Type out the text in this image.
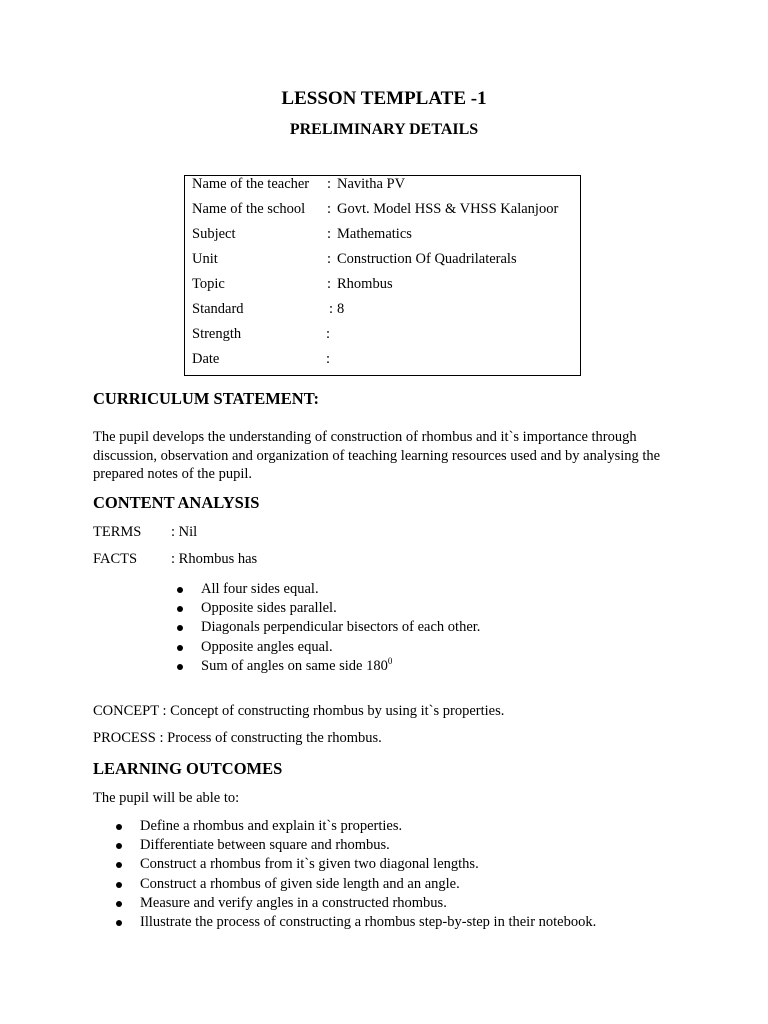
LESSON TEMPLATE -1
PRELIMINARY DETAILS
Name of the teacher : Navitha PV
Name of the school : Govt. Model HSS & VHSS Kalanjoor
Subject	: Mathematics
Unit	: Construction Of Quadrilaterals
Topic	: Rhombus
Standard	: 8
Strength	:
Date	:
CURRICULUM STATEMENT:

The pupil develops the understanding of construction of rhombus and it`s importance through discussion, observation and organization of teaching learning resources used and by analysing the prepared notes of the pupil.

CONTENT ANALYSIS
TERMS : Nil
FACTS : Rhombus has
All four sides equal.
Opposite sides parallel.
Diagonals perpendicular bisectors of each other.
Opposite angles equal.
Sum of angles on same side $180^0$
CONCEPT : Concept of constructing rhombus by using it`s properties.
PROCESS : Process of constructing the rhombus.
LEARNING OUTCOMES
The pupil will be able to:
Define a rhombus and explain it`s properties.
Differentiate between square and rhombus.
Construct a rhombus from it`s given two diagonal lengths.
Construct a rhombus of given side length and an angle.
Measure and verify angles in a constructed rhombus.
Illustrate the process of constructing a rhombus step-by-step in their notebook.
